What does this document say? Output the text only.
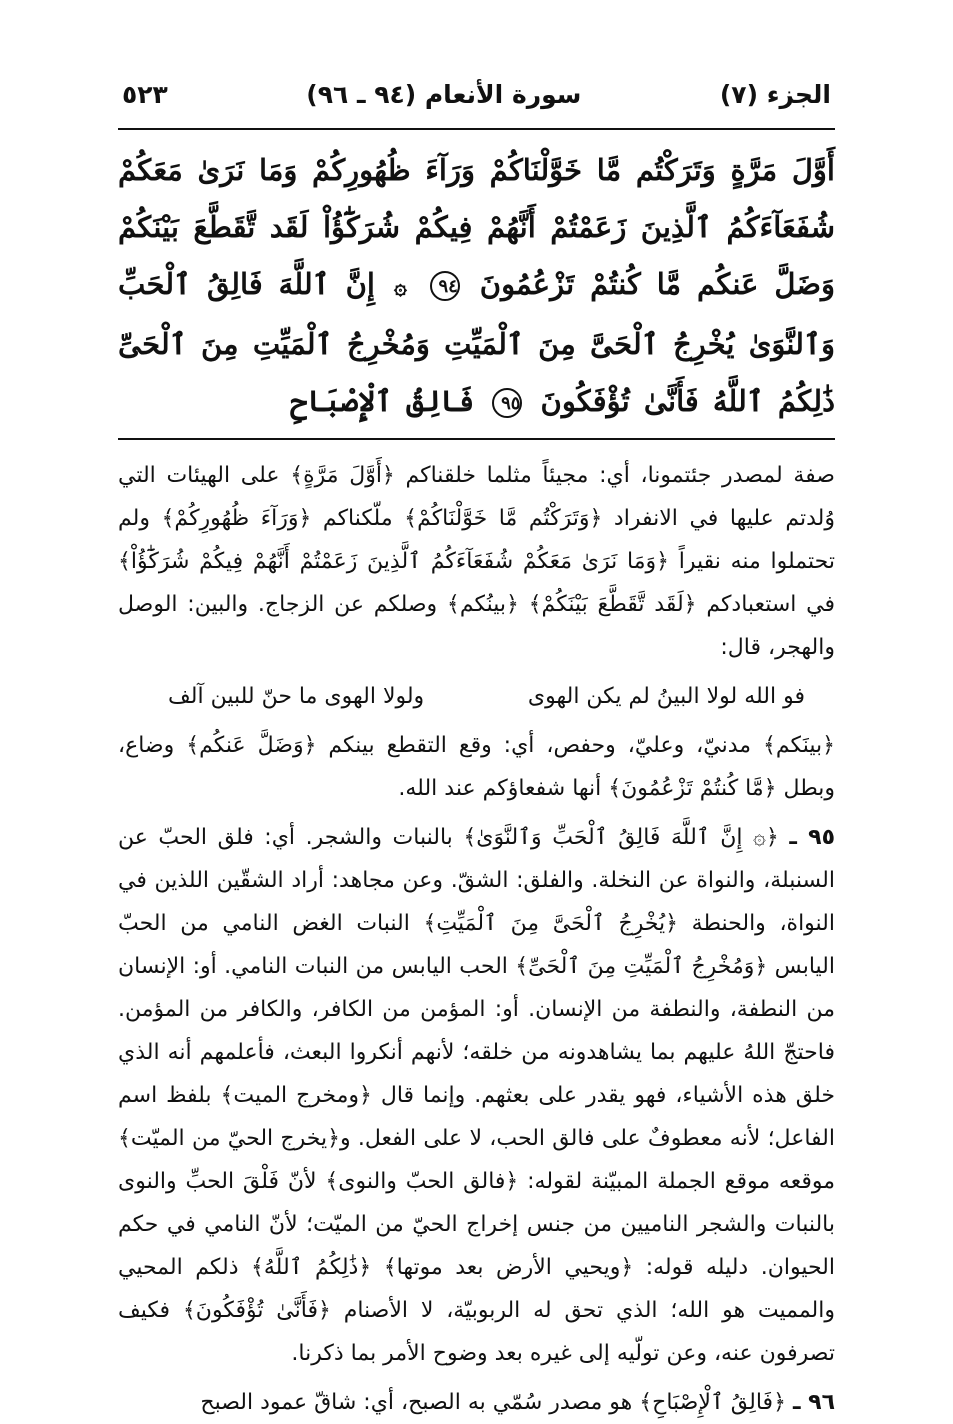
الجزء (٧)
سورة الأنعام (٩٤ ـ ٩٦)
٥٢٣
أَوَّلَ مَرَّةٍ وَتَرَكْتُم مَّا خَوَّلْنَاكُمْ وَرَآءَ ظُهُورِكُمْ وَمَا نَرَىٰ مَعَكُمْ شُفَعَآءَكُمُ ٱلَّذِينَ زَعَمْتُمْ أَنَّهُمْ فِيكُمْ شُرَكَٰٓؤُاْ لَقَد تَّقَطَّعَ بَيْنَكُمْ وَضَلَّ عَنكُم مَّا كُنتُمْ تَزْعُمُونَ ٩٤ ۞ إِنَّ ٱللَّهَ فَالِقُ ٱلْحَبِّ وَٱلنَّوَىٰ يُخْرِجُ ٱلْحَىَّ مِنَ ٱلْمَيِّتِ وَمُخْرِجُ ٱلْمَيِّتِ مِنَ ٱلْحَىِّ ذَٰلِكُمُ ٱللَّهُ فَأَنَّىٰ تُؤْفَكُونَ ٩٥ فَالِقُ ٱلْإِصْبَاحِ

صفة لمصدر جئتمونا، أي: مجيئاً مثلما خلقناكم ﴿أَوَّلَ مَرَّةٍ﴾ على الهيئات التي وُلدتم عليها في الانفراد ﴿وَتَرَكْتُم مَّا خَوَّلْنَاكُمْ﴾ ملّكناكم ﴿وَرَآءَ ظُهُورِكُمْ﴾ ولم تحتملوا منه نقيراً ﴿وَمَا نَرَىٰ مَعَكُمْ شُفَعَآءَكُمُ ٱلَّذِينَ زَعَمْتُمْ أَنَّهُمْ فِيكُمْ شُرَكَٰٓؤُاْ﴾ في استعبادكم ﴿لَقَد تَّقَطَّعَ بَيْنَكُمْ﴾ ﴿بينُكم﴾ وصلكم عن الزجاج. والبين: الوصل والهجر، قال:

فو الله لولا البينُ لم يكن الهوى
ولولا الهوى ما حنّ للبين آلف

﴿بينَكم﴾ مدنيّ، وعليّ، وحفص، أي: وقع التقطع بينكم ﴿وَضَلَّ عَنكُم﴾ وضاع، وبطل ﴿مَّا كُنتُمْ تَزْعُمُونَ﴾ أنها شفعاؤكم عند الله.

٩٥ ـ ﴿۞ إِنَّ ٱللَّهَ فَالِقُ ٱلْحَبِّ وَٱلنَّوَىٰ﴾ بالنبات والشجر. أي: فلق الحبّ عن السنبلة، والنواة عن النخلة. والفلق: الشقّ. وعن مجاهد: أراد الشقّين اللذين في النواة، والحنطة ﴿يُخْرِجُ ٱلْحَىَّ مِنَ ٱلْمَيِّتِ﴾ النبات الغض النامي من الحبّ اليابس ﴿وَمُخْرِجُ ٱلْمَيِّتِ مِنَ ٱلْحَىِّ﴾ الحب اليابس من النبات النامي. أو: الإنسان من النطفة، والنطفة من الإنسان. أو: المؤمن من الكافر، والكافر من المؤمن. فاحتجّ اللهُ عليهم بما يشاهدونه من خلقه؛ لأنهم أنكروا البعث، فأعلمهم أنه الذي خلق هذه الأشياء، فهو يقدر على بعثهم. وإنما قال ﴿ومخرج الميت﴾ بلفظ اسم الفاعل؛ لأنه معطوفٌ على فالق الحب، لا على الفعل. و﴿يخرج الحيّ من الميّت﴾ موقعه موقع الجملة المبيّنة لقوله: ﴿فالق الحبّ والنوى﴾ لأنّ فَلْقَ الحبِّ والنوى بالنبات والشجر الناميين من جنس إخراج الحيّ من الميّت؛ لأنّ النامي في حكم الحيوان. دليله قوله: ﴿ويحيي الأرض بعد موتها﴾ ﴿ذَٰلِكُمُ ٱللَّهُ﴾ ذلكم المحيي والمميت هو الله؛ الذي تحق له الربوبيّة، لا الأصنام ﴿فَأَنَّىٰ تُؤْفَكُونَ﴾ فكيف تصرفون عنه، وعن تولّيه إلى غيره بعد وضوح الأمر بما ذكرنا.

٩٦ ـ ﴿فَالِقُ ٱلْإِصْبَاحِ﴾ هو مصدر سُمّي به الصبح، أي: شاقّ عمود الصبح
